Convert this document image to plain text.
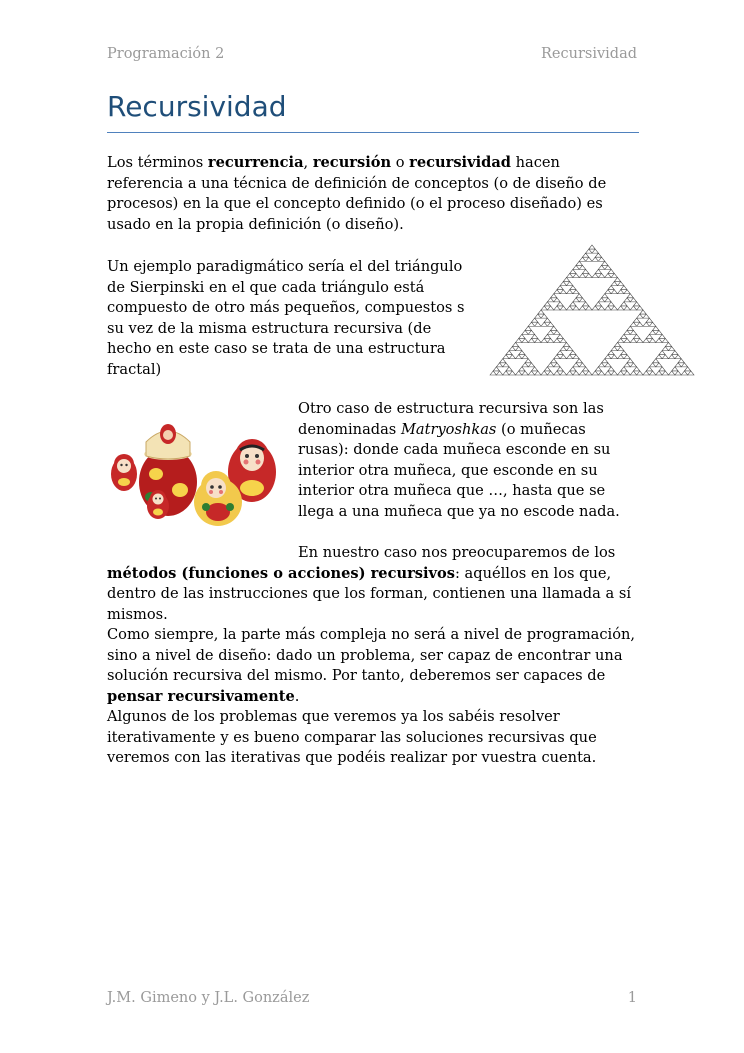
Programación 2	Recursividad
Recursividad
Los términos recurrencia, recursión o recursividad hacen referencia a una técnica de definición de conceptos (o de diseño de procesos) en la que el concepto definido (o el proceso diseñado) es usado en la propia definición (o diseño).
Un ejemplo paradigmático sería el del triángulo de Sierpinski en el que cada triángulo está compuesto de otro más pequeños, compuestos s su vez de la misma estructura recursiva (de hecho en este caso se trata de una estructura fractal)
Otro caso de estructura recursiva son las denominadas Matryoshkas (o muñecas rusas): donde cada muñeca esconde en su interior otra muñeca, que esconde en su interior otra muñeca que …, hasta que se llega a una muñeca que ya no escode nada.
En nuestro caso nos preocuparemos de los métodos (funciones o acciones) recursivos: aquéllos en los que, dentro de las instrucciones que los forman, contienen una llamada a sí mismos.
Como siempre, la parte más compleja no será a nivel de programación, sino a nivel de diseño: dado un problema, ser capaz de encontrar una solución recursiva del mismo. Por tanto, deberemos ser capaces de pensar recursivamente.
Algunos de los problemas que veremos ya los sabéis resolver iterativamente y es bueno comparar las soluciones recursivas que veremos con las iterativas que podéis realizar por vuestra cuenta.
J.M. Gimeno y J.L. González	1
